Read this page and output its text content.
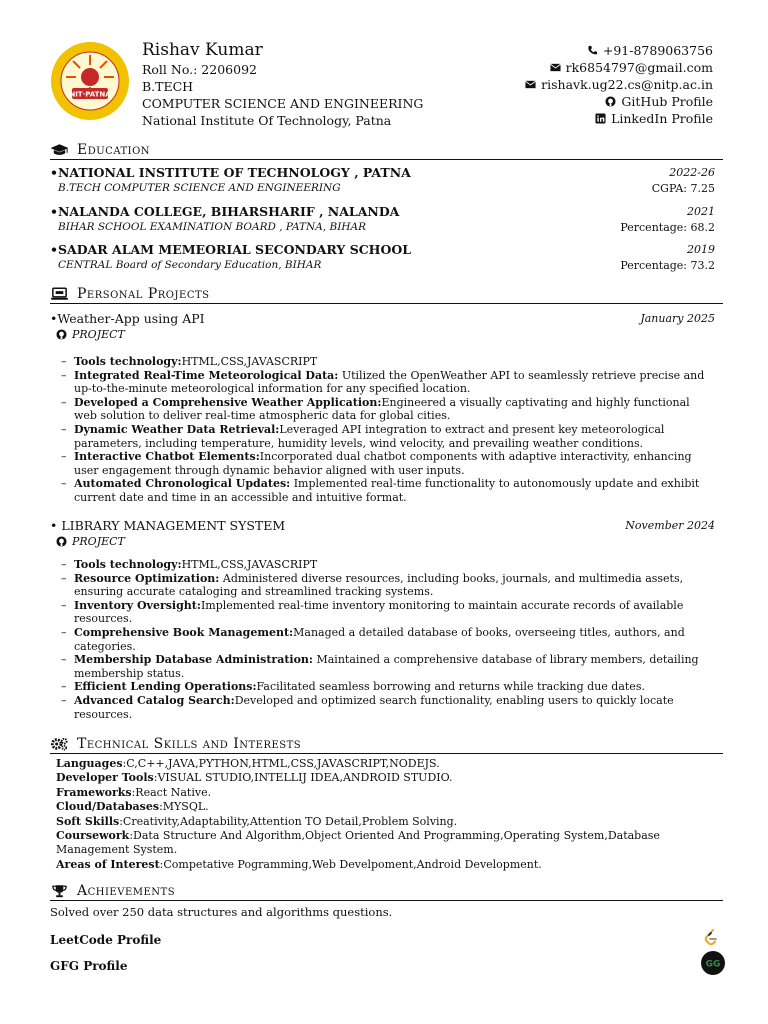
NIT·PATNA
Rishav Kumar
Roll No.: 2206092
B.TECH
COMPUTER SCIENCE AND ENGINEERING
National Institute Of Technology, Patna
+91-8789063756
rk6854797@gmail.com
rishavk.ug22.cs@nitp.ac.in
GitHub Profile
LinkedIn Profile
Education
•NATIONAL INSTITUTE OF TECHNOLOGY , PATNA	2022-26
B.TECH COMPUTER SCIENCE AND ENGINEERING	CGPA: 7.25
•NALANDA COLLEGE, BIHARSHARIF , NALANDA	2021
BIHAR SCHOOL EXAMINATION BOARD , PATNA, BIHAR	Percentage: 68.2
•SADAR ALAM MEMEORIAL SECONDARY SCHOOL	2019
CENTRAL Board of Secondary Education, BIHAR	Percentage: 73.2
Personal Projects
•Weather-App using API	January 2025
PROJECT
– Tools technology:HTML,CSS,JAVASCRIPT
– Integrated Real-Time Meteorological Data: Utilized the OpenWeather API to seamlessly retrieve precise and up-to-the-minute meteorological information for any specified location.
– Developed a Comprehensive Weather Application:Engineered a visually captivating and highly functional web solution to deliver real-time atmospheric data for global cities.
– Dynamic Weather Data Retrieval:Leveraged API integration to extract and present key meteorological parameters, including temperature, humidity levels, wind velocity, and prevailing weather conditions.
– Interactive Chatbot Elements:Incorporated dual chatbot components with adaptive interactivity, enhancing user engagement through dynamic behavior aligned with user inputs.
– Automated Chronological Updates: Implemented real-time functionality to autonomously update and exhibit current date and time in an accessible and intuitive format.
• LIBRARY MANAGEMENT SYSTEM	November 2024
PROJECT
– Tools technology:HTML,CSS,JAVASCRIPT
– Resource Optimization: Administered diverse resources, including books, journals, and multimedia assets, ensuring accurate cataloging and streamlined tracking systems.
– Inventory Oversight:Implemented real-time inventory monitoring to maintain accurate records of available resources.
– Comprehensive Book Management:Managed a detailed database of books, overseeing titles, authors, and categories.
– Membership Database Administration: Maintained a comprehensive database of library members, detailing membership status.
– Efficient Lending Operations:Facilitated seamless borrowing and returns while tracking due dates.
– Advanced Catalog Search:Developed and optimized search functionality, enabling users to quickly locate resources.
Technical Skills and Interests
Languages:C,C++,JAVA,PYTHON,HTML,CSS,JAVASCRIPT,NODEJS.
Developer Tools:VISUAL STUDIO,INTELLIJ IDEA,ANDROID STUDIO.
Frameworks:React Native.
Cloud/Databases:MYSQL.
Soft Skills:Creativity,Adaptability,Attention TO Detail,Problem Solving.
Coursework:Data Structure And Algorithm,Object Oriented And Programming,Operating System,Database Management System.
Areas of Interest:Competative Pogramming,Web Develpoment,Android Development.
Achievements
Solved over 250 data structures and algorithms questions.
LeetCode Profile
GFG Profile	GG
